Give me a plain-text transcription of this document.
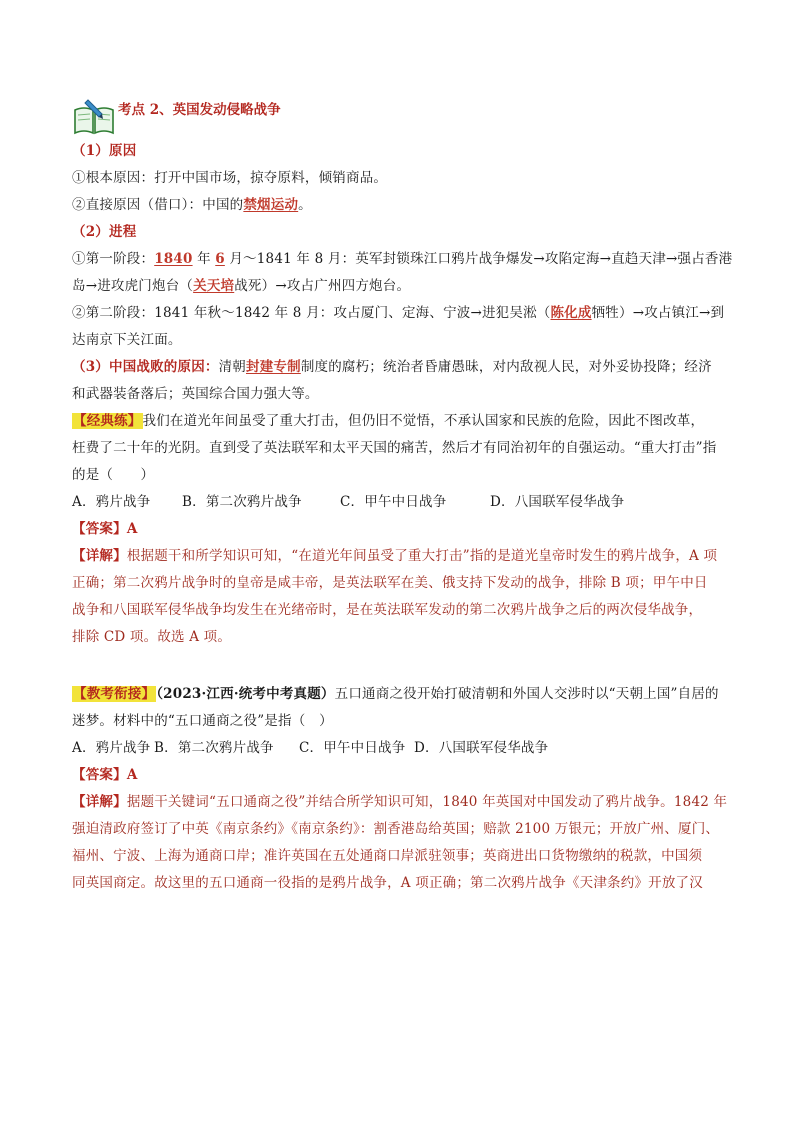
考点 2、英国发动侵略战争
（1）原因
①根本原因：打开中国市场，掠夺原料，倾销商品。
②直接原因（借口）：中国的禁烟运动。
（2）进程
①第一阶段：1840 年 6 月～1841 年 8 月：英军封锁珠江口鸦片战争爆发→攻陷定海→直趋天津→强占香港
岛→进攻虎门炮台（关天培战死）→攻占广州四方炮台。
②第二阶段：1841 年秋～1842 年 8 月：攻占厦门、定海、宁波→进犯吴淞（陈化成牺牲）→攻占镇江→到
达南京下关江面。
（3）中国战败的原因：清朝封建专制制度的腐朽；统治者昏庸愚昧，对内敌视人民，对外妥协投降；经济
和武器装备落后；英国综合国力强大等。
【经典练】我们在道光年间虽受了重大打击，但仍旧不觉悟，不承认国家和民族的危险，因此不图改革，
枉费了二十年的光阴。直到受了英法联军和太平天国的痛苦，然后才有同治初年的自强运动。“重大打击”指
的是（　　）
A．鸦片战争 B．第二次鸦片战争	C．甲午中日战争	D．八国联军侵华战争
【答案】A
【详解】根据题干和所学知识可知，“在道光年间虽受了重大打击”指的是道光皇帝时发生的鸦片战争，A 项
正确；第二次鸦片战争时的皇帝是咸丰帝，是英法联军在美、俄支持下发动的战争，排除 B 项；甲午中日
战争和八国联军侵华战争均发生在光绪帝时，是在英法联军发动的第二次鸦片战争之后的两次侵华战争，
排除 CD 项。故选 A 项。
【教考衔接】（2023·江西·统考中考真题）五口通商之役开始打破清朝和外国人交涉时以“天朝上国”自居的
迷梦。材料中的“五口通商之役”是指（　）
A．鸦片战争 B．第二次鸦片战争 C．甲午中日战争 D．八国联军侵华战争
【答案】A
【详解】据题干关键词“五口通商之役”并结合所学知识可知，1840 年英国对中国发动了鸦片战争。1842 年
强迫清政府签订了中英《南京条约》《南京条约》：割香港岛给英国；赔款 2100 万银元；开放广州、厦门、
福州、宁波、上海为通商口岸；准许英国在五处通商口岸派驻领事；英商进出口货物缴纳的税款，中国须
同英国商定。故这里的五口通商一役指的是鸦片战争，A 项正确；第二次鸦片战争《天津条约》开放了汉
